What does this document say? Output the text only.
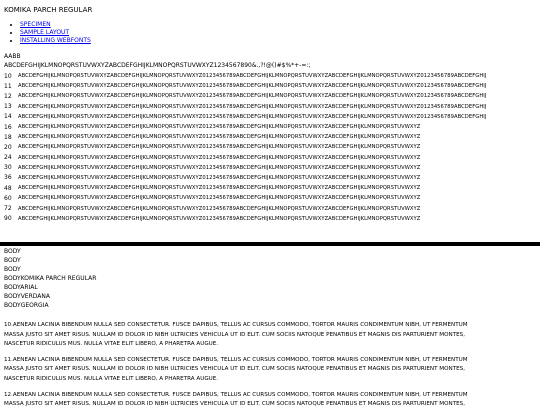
KOMIKA PARCH REGULAR
• SPECIMEN
• SAMPLE LAYOUT
• INSTALLING WEBFONTS
AABB
ABCDEFGHIJKLMNOPQRSTUVWXYZABCDEFGHIJKLMNOPQRSTUVWXYZ1234567890&.,?!@()#$%*+-=:;
10	ABCDEFGHIJKLMNOPQRSTUVWXYZABCDEFGHIJKLMNOPQRSTUVWXYZ0123456789ABCDEFGHIJKLMNOPQRSTUVWXYZABCDEFGHIJKLMNOPQRSTUVWXYZ0123456789ABCDEFGHIJ
11	ABCDEFGHIJKLMNOPQRSTUVWXYZABCDEFGHIJKLMNOPQRSTUVWXYZ0123456789ABCDEFGHIJKLMNOPQRSTUVWXYZABCDEFGHIJKLMNOPQRSTUVWXYZ0123456789ABCDEFGHIJ
12	ABCDEFGHIJKLMNOPQRSTUVWXYZABCDEFGHIJKLMNOPQRSTUVWXYZ0123456789ABCDEFGHIJKLMNOPQRSTUVWXYZABCDEFGHIJKLMNOPQRSTUVWXYZ0123456789ABCDEFGHIJ
13	ABCDEFGHIJKLMNOPQRSTUVWXYZABCDEFGHIJKLMNOPQRSTUVWXYZ0123456789ABCDEFGHIJKLMNOPQRSTUVWXYZABCDEFGHIJKLMNOPQRSTUVWXYZ0123456789ABCDEFGHIJ
14	ABCDEFGHIJKLMNOPQRSTUVWXYZABCDEFGHIJKLMNOPQRSTUVWXYZ0123456789ABCDEFGHIJKLMNOPQRSTUVWXYZABCDEFGHIJKLMNOPQRSTUVWXYZ0123456789ABCDEFGHIJ
16	ABCDEFGHIJKLMNOPQRSTUVWXYZABCDEFGHIJKLMNOPQRSTUVWXYZ0123456789ABCDEFGHIJKLMNOPQRSTUVWXYZABCDEFGHIJKLMNOPQRSTUVWXYZ
18	ABCDEFGHIJKLMNOPQRSTUVWXYZABCDEFGHIJKLMNOPQRSTUVWXYZ0123456789ABCDEFGHIJKLMNOPQRSTUVWXYZABCDEFGHIJKLMNOPQRSTUVWXYZ
20	ABCDEFGHIJKLMNOPQRSTUVWXYZABCDEFGHIJKLMNOPQRSTUVWXYZ0123456789ABCDEFGHIJKLMNOPQRSTUVWXYZABCDEFGHIJKLMNOPQRSTUVWXYZ
24	ABCDEFGHIJKLMNOPQRSTUVWXYZABCDEFGHIJKLMNOPQRSTUVWXYZ0123456789ABCDEFGHIJKLMNOPQRSTUVWXYZABCDEFGHIJKLMNOPQRSTUVWXYZ
30	ABCDEFGHIJKLMNOPQRSTUVWXYZABCDEFGHIJKLMNOPQRSTUVWXYZ0123456789ABCDEFGHIJKLMNOPQRSTUVWXYZABCDEFGHIJKLMNOPQRSTUVWXYZ
36	ABCDEFGHIJKLMNOPQRSTUVWXYZABCDEFGHIJKLMNOPQRSTUVWXYZ0123456789ABCDEFGHIJKLMNOPQRSTUVWXYZABCDEFGHIJKLMNOPQRSTUVWXYZ
48	ABCDEFGHIJKLMNOPQRSTUVWXYZABCDEFGHIJKLMNOPQRSTUVWXYZ0123456789ABCDEFGHIJKLMNOPQRSTUVWXYZABCDEFGHIJKLMNOPQRSTUVWXYZ
60	ABCDEFGHIJKLMNOPQRSTUVWXYZABCDEFGHIJKLMNOPQRSTUVWXYZ0123456789ABCDEFGHIJKLMNOPQRSTUVWXYZABCDEFGHIJKLMNOPQRSTUVWXYZ
72	ABCDEFGHIJKLMNOPQRSTUVWXYZABCDEFGHIJKLMNOPQRSTUVWXYZ0123456789ABCDEFGHIJKLMNOPQRSTUVWXYZABCDEFGHIJKLMNOPQRSTUVWXYZ
90	ABCDEFGHIJKLMNOPQRSTUVWXYZABCDEFGHIJKLMNOPQRSTUVWXYZ0123456789ABCDEFGHIJKLMNOPQRSTUVWXYZABCDEFGHIJKLMNOPQRSTUVWXYZ
BODY
BODY
BODY
BODYKOMIKA PARCH REGULAR
BODYARIAL
BODYVERDANA
BODYGEORGIA
10.AENEAN LACINIA BIBENDUM NULLA SED CONSECTETUR. FUSCE DAPIBUS, TELLUS AC CURSUS COMMODO, TORTOR MAURIS CONDIMENTUM NIBH, UT FERMENTUM
MASSA JUSTO SIT AMET RISUS. NULLAM ID DOLOR ID NIBH ULTRICIES VEHICULA UT ID ELIT. CUM SOCIIS NATOQUE PENATIBUS ET MAGNIS DIS PARTURIENT MONTES,
NASCETUR RIDICULUS MUS. NULLA VITAE ELIT LIBERO, A PHARETRA AUGUE.
11.AENEAN LACINIA BIBENDUM NULLA SED CONSECTETUR. FUSCE DAPIBUS, TELLUS AC CURSUS COMMODO, TORTOR MAURIS CONDIMENTUM NIBH, UT FERMENTUM
MASSA JUSTO SIT AMET RISUS. NULLAM ID DOLOR ID NIBH ULTRICIES VEHICULA UT ID ELIT. CUM SOCIIS NATOQUE PENATIBUS ET MAGNIS DIS PARTURIENT MONTES,
NASCETUR RIDICULUS MUS. NULLA VITAE ELIT LIBERO, A PHARETRA AUGUE.
12.AENEAN LACINIA BIBENDUM NULLA SED CONSECTETUR. FUSCE DAPIBUS, TELLUS AC CURSUS COMMODO, TORTOR MAURIS CONDIMENTUM NIBH, UT FERMENTUM
MASSA JUSTO SIT AMET RISUS. NULLAM ID DOLOR ID NIBH ULTRICIES VEHICULA UT ID ELIT. CUM SOCIIS NATOQUE PENATIBUS ET MAGNIS DIS PARTURIENT MONTES,
